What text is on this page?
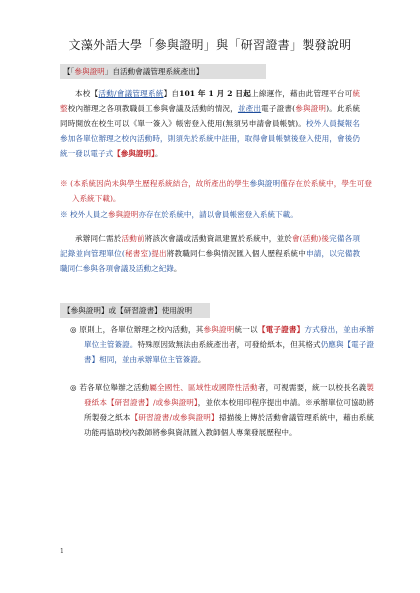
文藻外語大學「參與證明」與「研習證書」製發說明
【「參與證明」自活動會議管理系統產出】
本校【活動/會議管理系統】自101 年 1 月 2 日起上線運作，藉由此管理平台可統整校內辦理之各項教職員工參與會議及活動的情況，並產出電子證書(參與證明)。此系統同時開放在校生可以《單一簽入》帳密登入使用(無須另申請會員帳號)。校外人員擬報名參加各單位辦理之校內活動時，則須先於系統中註冊，取得會員帳號後登入使用，會後仍統一發以電子式【參與證明】。
※ (本系統因尚未與學生歷程系統結合，故所產出的學生參與證明僅存在於系統中，學生可登入系統下載)。
※ 校外人員之參與證明亦存在於系統中，請以會員帳密登入系統下載。
承辦同仁需於活動前將該次會議或活動資訊建置於系統中，並於會(活動)後完備各項記錄並向管理單位(秘書室)提出將教職同仁參與情況匯入個人歷程系統中申請，以完備教職同仁參與各項會議及活動之紀錄。
【參與證明】或【研習證書】使用說明
◎ 原則上，各單位辦理之校內活動，其參與證明統一以【電子證書】方式發出，並由承辦單位主管簽證。特殊原因致無法由系統產出者，可發給紙本，但其格式仍應與【電子證書】相同，並由承辦單位主管簽證。
◎ 若各單位舉辦之活動屬全國性、區域性或國際性活動者，可視需要，統一以校長名義製發紙本【研習證書】/或參與證明】，並依本校用印程序提出申請。※承辦單位可協助將所製發之紙本【研習證書/或參與證明】掃描後上傳於活動會議管理系統中，藉由系統功能再協助校內教師將參與資訊匯入教師個人專業發展歷程中。
1
